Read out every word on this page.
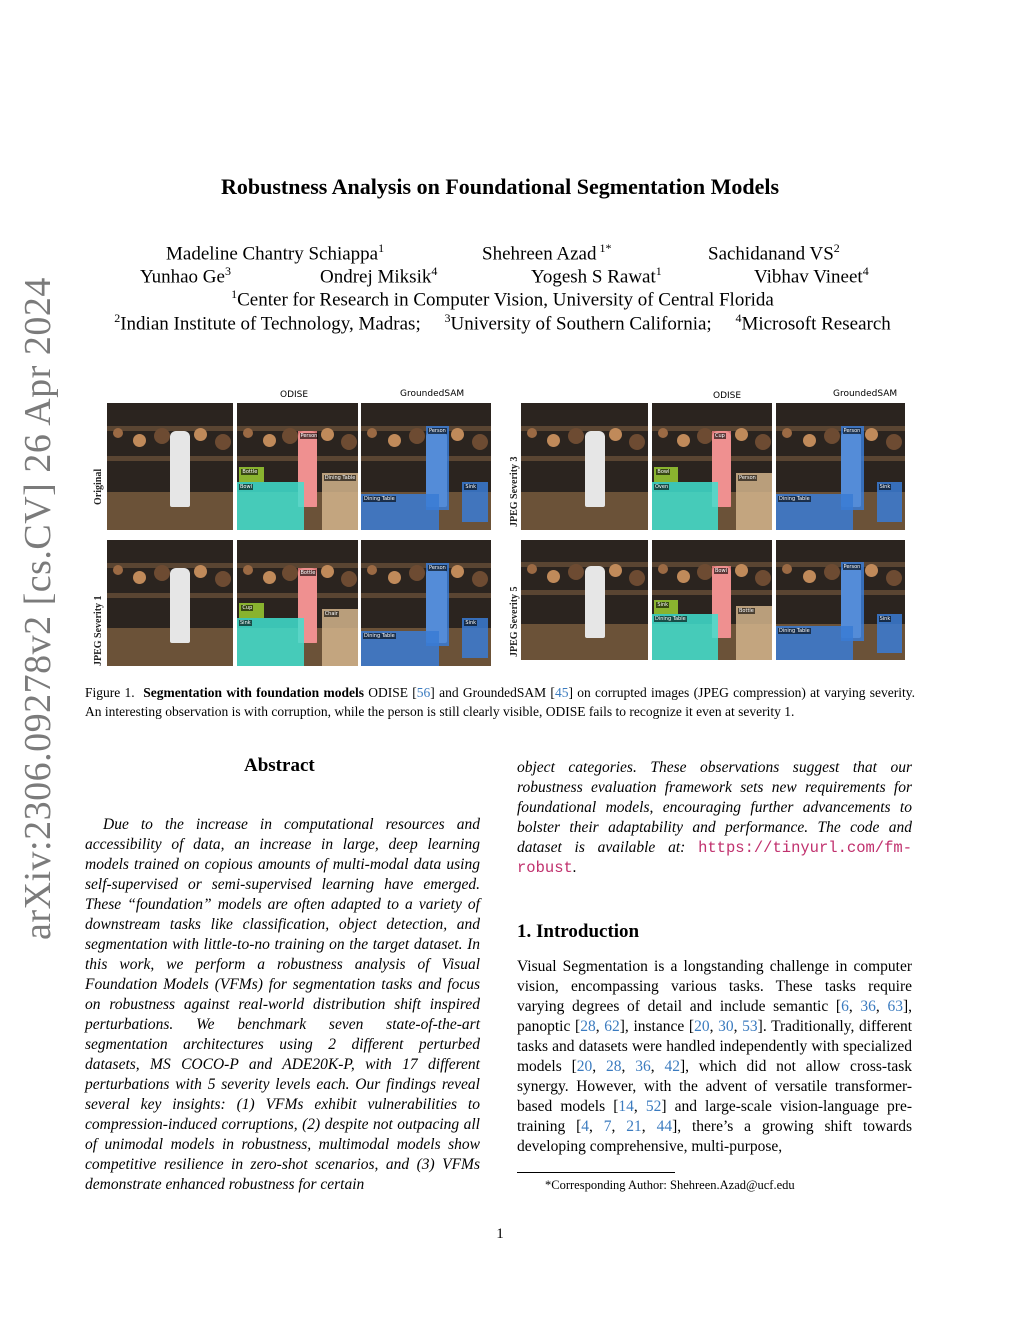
arXiv:2306.09278v2 [cs.CV] 26 Apr 2024
Robustness Analysis on Foundational Segmentation Models
Madeline Chantry Schiappa$^1$	Shehreen Azad $^{1*}$	Sachidanand $VS^2$
Yunhao Ge$^3$	Ondrej Miksik$^4$	Yogesh S Rawat$^1$	Vibhav Vineet$^4$
$^1$Center for Research in Computer Vision, University of Central Florida
$^2$Indian Institute of Technology, Madras; $^3$University of Southern California; $^4$Microsoft Research
ODISE	GroundedSAM	ODISE	GroundedSAM
Original
JPEG Severity 1
JPEG Severity 3
JPEG Severity 5
Person
Bowl
Dining Table
Bottle
Person
Dining Table
Sink
Bottle
Sink
Chair
Cup
Person
Dining Table
Sink
Cup
Oven
Person
Bowl
Person
Dining Table
Sink
Bowl
Dining Table
Bottle
Sink
Person
Dining Table
Sink
Figure 1. Segmentation with foundation models ODISE [56] and GroundedSAM [45] on corrupted images (JPEG compression) at varying severity. An interesting observation is with corruption, while the person is still clearly visible, ODISE fails to recognize it even at severity 1.
Abstract
Due to the increase in computational resources and accessibility of data, an increase in large, deep learning models trained on copious amounts of multi-modal data using self-supervised or semi-supervised learning have emerged. These “foundation” models are often adapted to a variety of downstream tasks like classification, object detection, and segmentation with little-to-no training on the target dataset. In this work, we perform a robustness analysis of Visual Foundation Models (VFMs) for segmentation tasks and focus on robustness against real-world distribution shift inspired perturbations. We benchmark seven state-of-the-art segmentation architectures using 2 different perturbed datasets, MS COCO-P and ADE20K-P, with 17 different perturbations with 5 severity levels each. Our findings reveal several key insights: (1) VFMs exhibit vulnerabilities to compression-induced corruptions, (2) despite not outpacing all of unimodal models in robustness, multimodal models show competitive resilience in zero-shot scenarios, and (3) VFMs demonstrate enhanced robustness for certain
object categories. These observations suggest that our robustness evaluation framework sets new requirements for foundational models, encouraging further advancements to bolster their adaptability and performance. The code and dataset is available at: https://tinyurl.com/fm-robust.
1. Introduction
Visual Segmentation is a longstanding challenge in computer vision, encompassing various tasks. These tasks require varying degrees of detail and include semantic [6, 36, 63], panoptic [28, 62], instance [20, 30, 53]. Traditionally, different tasks and datasets were handled independently with specialized models [20, 28, 36, 42], which did not allow cross-task synergy. However, with the advent of versatile transformer-based models [14, 52] and large-scale vision-language pre-training [4, 7, 21, 44], there’s a growing shift towards developing comprehensive, multi-purpose,
*Corresponding Author: Shehreen.Azad@ucf.edu
1
